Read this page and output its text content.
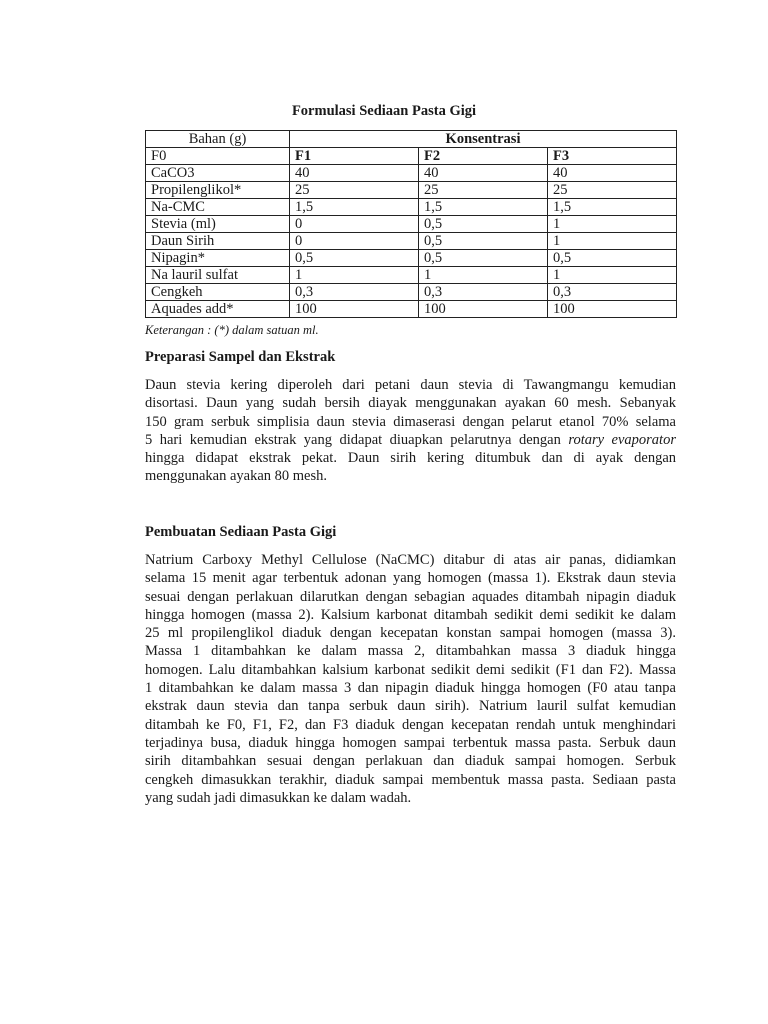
Formulasi Sediaan Pasta Gigi
Bahan (g)	Konsentrasi		
F0	F1	F2	F3
CaCO3	40	40	40
Propilenglikol*	25	25	25
Na-CMC	1,5	1,5	1,5
Stevia (ml)	0	0,5	1
Daun Sirih	0	0,5	1
Nipagin*	0,5	0,5	0,5
Na lauril sulfat	1	1	1
Cengkeh	0,3	0,3	0,3
Aquades add*	100	100	100
Keterangan : (*) dalam satuan ml.
Preparasi Sampel dan Ekstrak
Daun stevia kering diperoleh dari petani daun stevia di Tawangmangu kemudian
disortasi. Daun yang sudah bersih diayak menggunakan ayakan 60 mesh. Sebanyak
150 gram serbuk simplisia daun stevia dimaserasi dengan pelarut etanol 70% selama
5 hari kemudian ekstrak yang didapat diuapkan pelarutnya dengan rotary evaporator
hingga didapat ekstrak pekat. Daun sirih kering ditumbuk dan di ayak dengan
menggunakan ayakan 80 mesh.
Pembuatan Sediaan Pasta Gigi
Natrium Carboxy Methyl Cellulose (NaCMC) ditabur di atas air panas, didiamkan
selama 15 menit agar terbentuk adonan yang homogen (massa 1). Ekstrak daun stevia
sesuai dengan perlakuan dilarutkan dengan sebagian aquades ditambah nipagin diaduk
hingga homogen (massa 2). Kalsium karbonat ditambah sedikit demi sedikit ke dalam
25 ml propilenglikol diaduk dengan kecepatan konstan sampai homogen (massa 3).
Massa 1 ditambahkan ke dalam massa 2, ditambahkan massa 3 diaduk hingga
homogen. Lalu ditambahkan kalsium karbonat sedikit demi sedikit (F1 dan F2). Massa
1 ditambahkan ke dalam massa 3 dan nipagin diaduk hingga homogen (F0 atau tanpa
ekstrak daun stevia dan tanpa serbuk daun sirih). Natrium lauril sulfat kemudian
ditambah ke F0, F1, F2, dan F3 diaduk dengan kecepatan rendah untuk menghindari
terjadinya busa, diaduk hingga homogen sampai terbentuk massa pasta. Serbuk daun
sirih ditambahkan sesuai dengan perlakuan dan diaduk sampai homogen. Serbuk
cengkeh dimasukkan terakhir, diaduk sampai membentuk massa pasta. Sediaan pasta
yang sudah jadi dimasukkan ke dalam wadah.
